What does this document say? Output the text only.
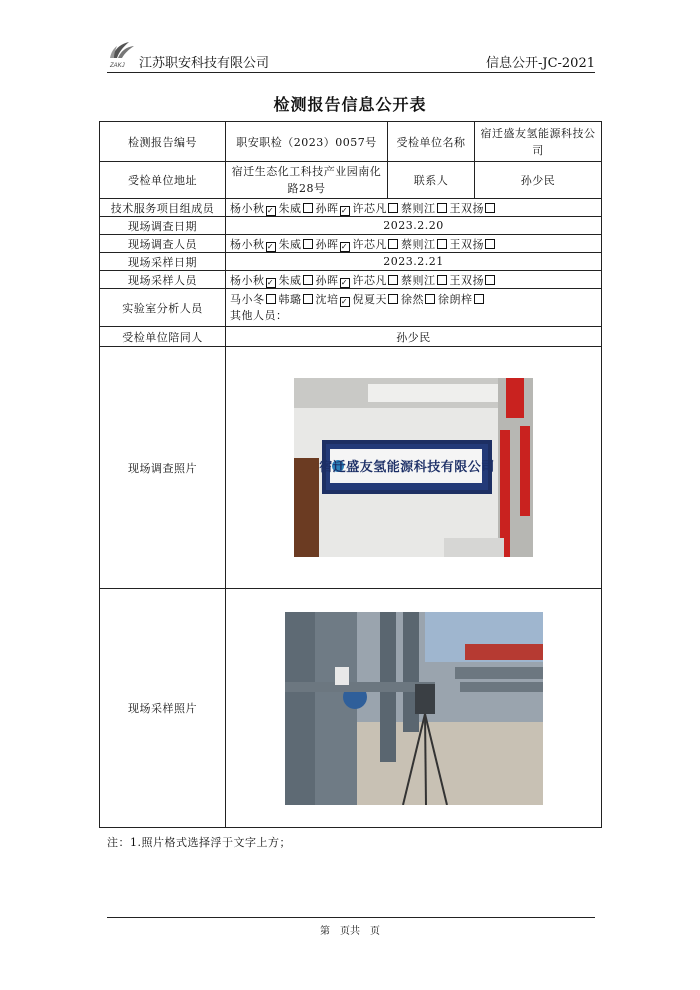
ZAKJ 江苏职安科技有限公司	信息公开-JC-2021
检测报告信息公开表
检测报告编号	职安职检（2023）0057号	受检单位名称	宿迁盛友氢能源科技公司
受检单位地址	宿迁生态化工科技产业园南化路28号	联系人	孙少民
技术服务项目组成员	杨小秋 ✓ 朱威 孙晖 ✓ 许芯凡 蔡则江 王双扬		
现场调查日期	2023.2.20		
现场调查人员	杨小秋 ✓ 朱威 孙晖 ✓ 许芯凡 蔡则江 王双扬		
现场采样日期	2023.2.21		
现场采样人员	杨小秋 ✓ 朱威 孙晖 ✓ 许芯凡 蔡则江 王双扬		
实验室分析人员	马小冬 韩璐 沈培 ✓ 倪夏天 徐然 徐朗梓
其他人员：		

受检单位陪同人	孙少民		
现场调查照片	宿迁盛友氢能源科技有限公司		

现场采样照片	
注：1.照片格式选择浮于文字上方；
第　页共　页
